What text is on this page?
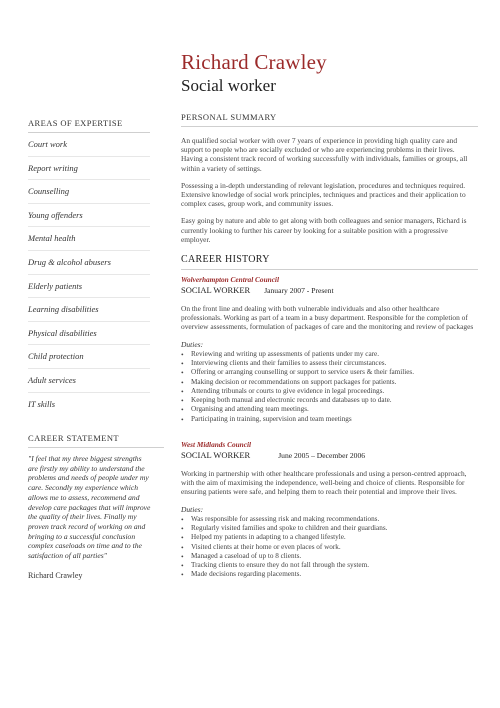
Richard Crawley
Social worker
AREAS OF EXPERTISE
Court work
Report writing
Counselling
Young offenders
Mental health
Drug & alcohol abusers
Elderly patients
Learning disabilities
Physical disabilities
Child protection
Adult services
IT skills
CAREER STATEMENT

"I feel that my three biggest strengths are firstly my ability to understand the problems and needs of people under my care. Secondly my experience which allows me to assess, recommend and develop care packages that will improve the quality of their lives. Finally my proven track record of working on and bringing to a successful conclusion complex caseloads on time and to the satisfaction of all parties"

Richard Crawley
PERSONAL SUMMARY

An qualified social worker with over 7 years of experience in providing high quality care and support to people who are socially excluded or who are experiencing problems in their lives. Having a consistent track record of working successfully with individuals, families or groups, all within a variety of settings.

Possessing a in-depth understanding of relevant legislation, procedures and techniques required. Extensive knowledge of social work principles, techniques and practices and their application to complex cases, group work, and community issues.

Easy going by nature and able to get along with both colleagues and senior managers, Richard is currently looking to further his career by looking for a suitable position with a progressive employer.

CAREER HISTORY
Wolverhampton Central Council
SOCIAL WORKER January 2007 - Present

On the front line and dealing with both vulnerable individuals and also other healthcare professionals. Working as part of a team in a busy department. Responsible for the completion of overview assessments, formulation of packages of care and the monitoring and review of packages

Duties:
• Reviewing and writing up assessments of patients under my care.
• Interviewing clients and their families to assess their circumstances.
• Offering or arranging counselling or support to service users & their families.
• Making decision or recommendations on support packages for patients.
• Attending tribunals or courts to give evidence in legal proceedings.
• Keeping both manual and electronic records and databases up to date.
• Organising and attending team meetings.
• Participating in training, supervision and team meetings
West Midlands Council
SOCIAL WORKER	June 2005 – December 2006

Working in partnership with other healthcare professionals and using a person-centred approach, with the aim of maximising the independence, well-being and choice of clients. Responsible for ensuring patients were safe, and helping them to reach their potential and improve their lives.

Duties:
• Was responsible for assessing risk and making recommendations.
• Regularly visited families and spoke to children and their guardians.
• Helped my patients in adapting to a changed lifestyle.
• Visited clients at their home or even places of work.
• Managed a caseload of up to 8 clients.
• Tracking clients to ensure they do not fall through the system.
• Made decisions regarding placements.
